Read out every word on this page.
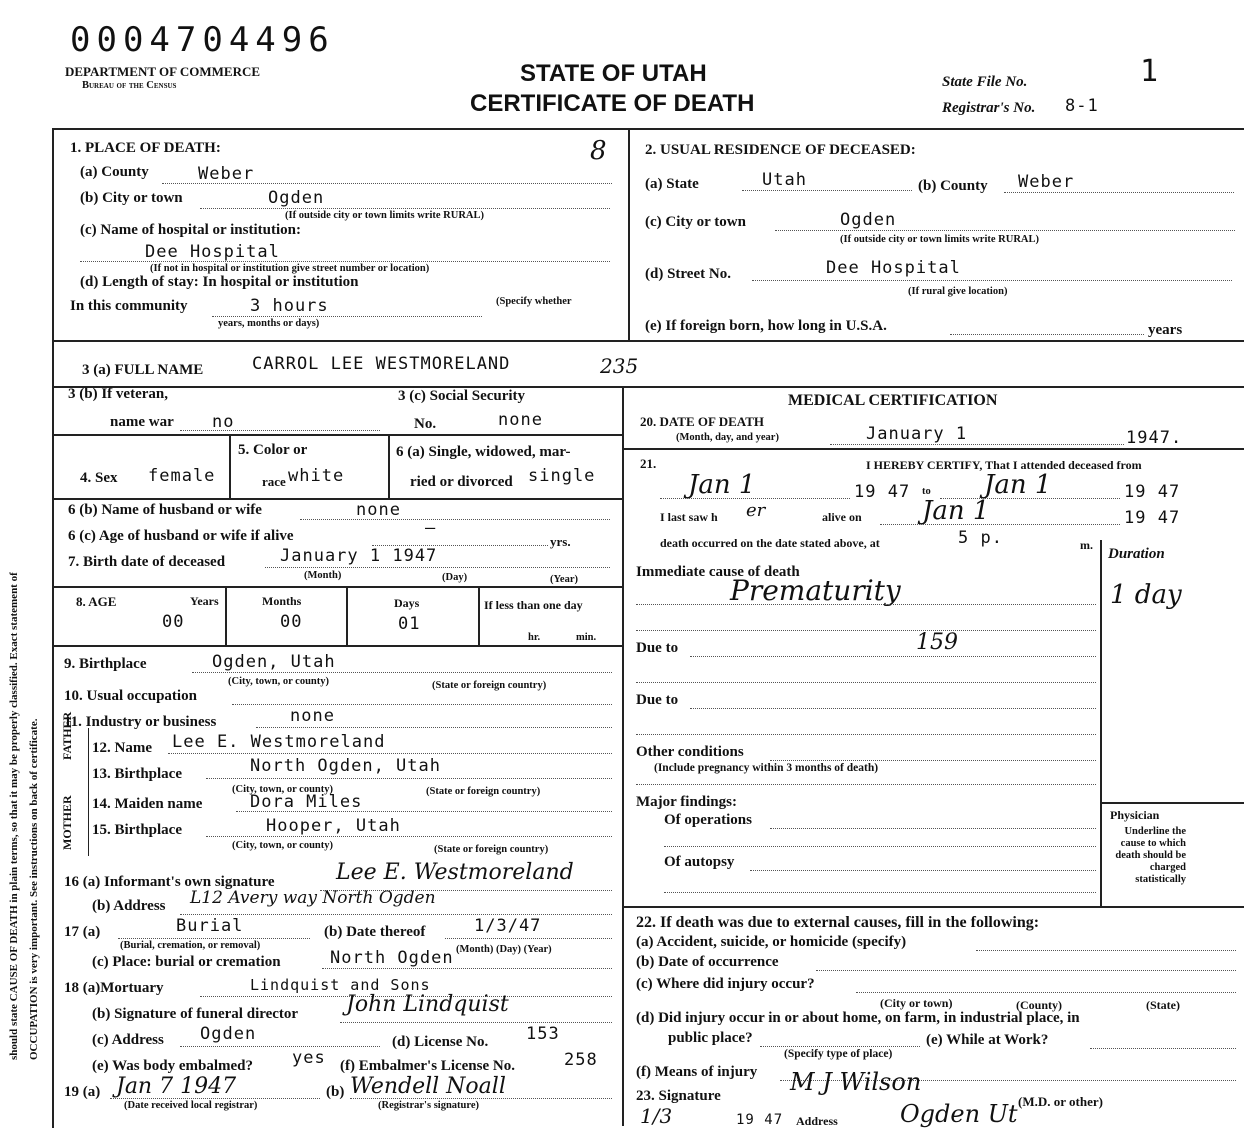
should state CAUSE OF DEATH in plain terms, so that it may be properly classified. Exact statement of OCCUPATION is very important. See instructions on back of certificate.
0004704496
DEPARTMENT OF COMMERCE
Bureau of the Census	STATE OF UTAH
CERTIFICATE OF DEATH
State File No.	1
Registrar's No. 8-1
1. PLACE OF DEATH:	8
(a) County	Weber
(b) City or town	Ogden
(If outside city or town limits write RURAL)
(c) Name of hospital or institution:
Dee Hospital
(If not in hospital or institution give street number or location)
(d) Length of stay: In hospital or institution
In this community	3 hours	(Specify whether
years, months or days)
2. USUAL RESIDENCE OF DECEASED:
(a) State	Utah	(b) County Weber
(c) City or town	Ogden
(If outside city or town limits write RURAL)
(d) Street No.	Dee Hospital
(If rural give location)
(e) If foreign born, how long in U.S.A.	years
3 (a) FULL NAME	CARROL LEE WESTMORELAND	235
3 (b) If veteran,
name war no
3 (c) Social Security
No.	none
4. Sex female
5. Color or
race white
6 (a) Single, widowed, mar-
ried or divorced single
6 (b) Name of husband or wife	none
6 (c) Age of husband or wife if alive	—
yrs.
7. Birth date of deceased	January 1 1947
(Month)	(Day)	(Year)
8. AGE	Years	Months	Days	If less than one day
00	00	01
hr.	min.
9. Birthplace	Ogden, Utah
(City, town, or county)	(State or foreign country)
10. Usual occupation
11. Industry or business	none
FATHER
MOTHER
12. Name Lee E. Westmoreland
13. Birthplace	North Ogden, Utah
(City, town, or county)	(State or foreign country)
14. Maiden name	Dora Miles
15. Birthplace	Hooper, Utah
(City, town, or county)	(State or foreign country)
16 (a) Informant's own signature	Lee E. Westmoreland
(b) Address L12 Avery way North Ogden
17 (a)	Burial
(Burial, cremation, or removal)
(b) Date thereof	1/3/47
(Month) (Day) (Year)
(c) Place: burial or cremation	North Ogden
18 (a)Mortuary	Lindquist and Sons
(b) Signature of funeral director John Lindquist
(c) Address Ogden	(d) License No. 153
(e) Was body embalmed? yes (f) Embalmer's License No.	258
19 (a) Jan 7 1947
(Date received local registrar)
(b) Wendell Noall
(Registrar's signature)
MEDICAL CERTIFICATION
20. DATE OF DEATH
(Month, day, and year)	January 1	1947.
21.	I HEREBY CERTIFY, That I attended deceased from
Jan 1	19 47 to Jan 1	19 47
I last saw h er	alive on Jan 1	19 47
death occurred on the date stated above, at	5 p.	m.
Duration
Immediate cause of death
Prematurity	1 day
Due to	159
Due to
Other conditions
(Include pregnancy within 3 months of death)
Major findings:
Of operations
Of autopsy
Physician
Underline the cause to which death should be charged statistically
22. If death was due to external causes, fill in the following:
(a) Accident, suicide, or homicide (specify)
(b) Date of occurrence
(c) Where did injury occur?
(City or town)	(County)	(State)
(d) Did injury occur in or about home, on farm, in industrial place, in
public place?	(e) While at Work?
(Specify type of place)
(f) Means of injury

23. Signature	M J Wilson
(M.D. or other)
1/3	19 47 Address	Ogden Ut
